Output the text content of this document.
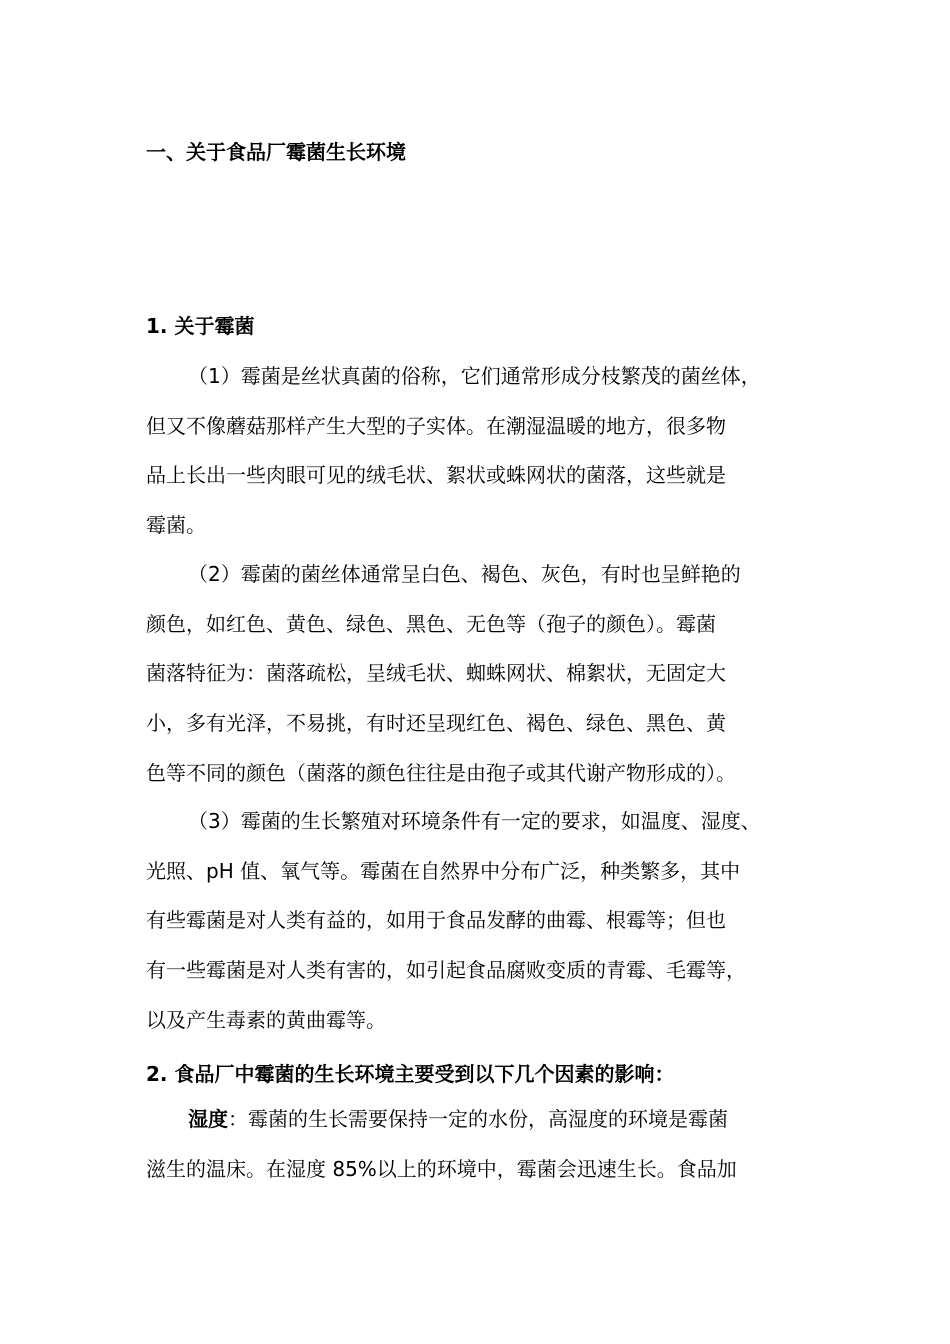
一、关于食品厂霉菌生长环境
1. 关于霉菌
（1）霉菌是丝状真菌的俗称，它们通常形成分枝繁茂的菌丝体，
但又不像蘑菇那样产生大型的子实体。在潮湿温暖的地方，很多物
品上长出一些肉眼可见的绒毛状、絮状或蛛网状的菌落，这些就是
霉菌。
（2）霉菌的菌丝体通常呈白色、褐色、灰色，有时也呈鲜艳的
颜色，如红色、黄色、绿色、黑色、无色等（孢子的颜色）。霉菌
菌落特征为：菌落疏松，呈绒毛状、蜘蛛网状、棉絮状，无固定大
小，多有光泽，不易挑，有时还呈现红色、褐色、绿色、黑色、黄
色等不同的颜色（菌落的颜色往往是由孢子或其代谢产物形成的）。
（3）霉菌的生长繁殖对环境条件有一定的要求，如温度、湿度、
光照、pH 值、氧气等。霉菌在自然界中分布广泛，种类繁多，其中
有些霉菌是对人类有益的，如用于食品发酵的曲霉、根霉等；但也
有一些霉菌是对人类有害的，如引起食品腐败变质的青霉、毛霉等，
以及产生毒素的黄曲霉等。
2. 食品厂中霉菌的生长环境主要受到以下几个因素的影响：
湿度：霉菌的生长需要保持一定的水份，高湿度的环境是霉菌
滋生的温床。在湿度 85%以上的环境中，霉菌会迅速生长。食品加
